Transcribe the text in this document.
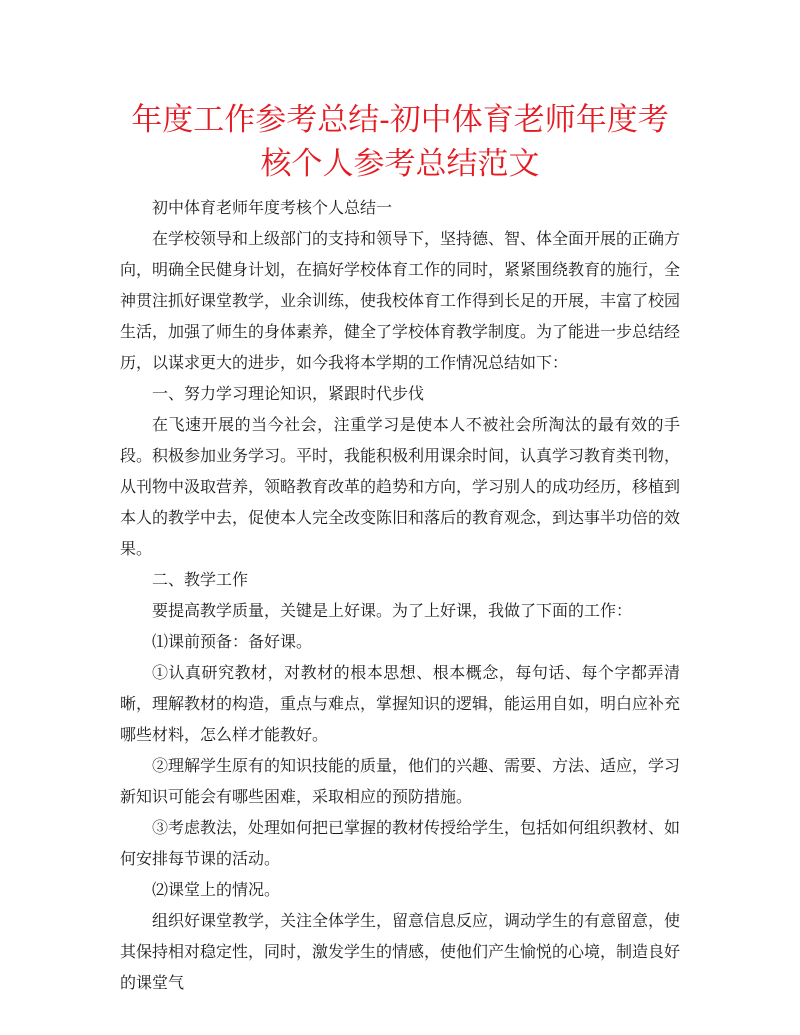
年度工作参考总结-初中体育老师年度考核个人参考总结范文

初中体育老师年度考核个人总结一

在学校领导和上级部门的支持和领导下，坚持德、智、体全面开展的正确方向，明确全民健身计划，在搞好学校体育工作的同时，紧紧围绕教育的施行，全神贯注抓好课堂教学，业余训练，使我校体育工作得到长足的开展，丰富了校园生活，加强了师生的身体素养，健全了学校体育教学制度。为了能进一步总结经历，以谋求更大的进步，如今我将本学期的工作情况总结如下：

一、努力学习理论知识，紧跟时代步伐

在飞速开展的当今社会，注重学习是使本人不被社会所淘汰的最有效的手段。积极参加业务学习。平时，我能积极利用课余时间，认真学习教育类刊物，从刊物中汲取营养，领略教育改革的趋势和方向，学习别人的成功经历，移植到本人的教学中去，促使本人完全改变陈旧和落后的教育观念，到达事半功倍的效果。

二、教学工作

要提高教学质量，关键是上好课。为了上好课，我做了下面的工作：

⑴课前预备：备好课。

①认真研究教材，对教材的根本思想、根本概念，每句话、每个字都弄清晰，理解教材的构造，重点与难点，掌握知识的逻辑，能运用自如，明白应补充哪些材料，怎么样才能教好。

②理解学生原有的知识技能的质量，他们的兴趣、需要、方法、适应，学习新知识可能会有哪些困难，采取相应的预防措施。

③考虑教法，处理如何把已掌握的教材传授给学生，包括如何组织教材、如何安排每节课的活动。

⑵课堂上的情况。

组织好课堂教学，关注全体学生，留意信息反应，调动学生的有意留意，使其保持相对稳定性，同时，激发学生的情感，使他们产生愉悦的心境，制造良好的课堂气
